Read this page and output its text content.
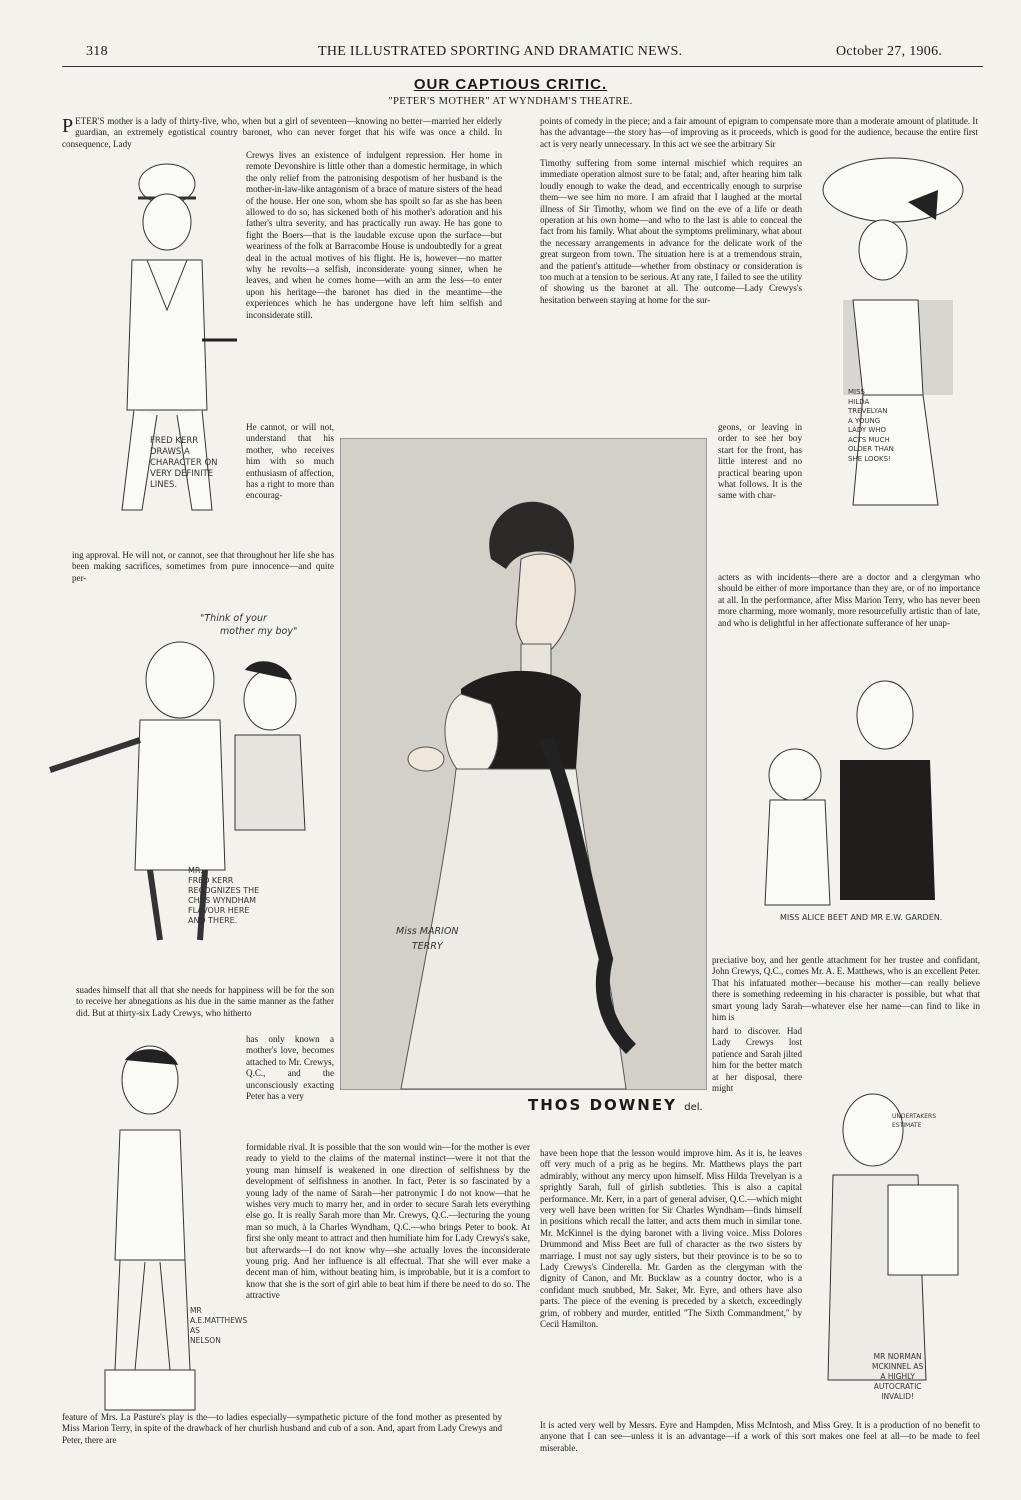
318	THE ILLUSTRATED SPORTING AND DRAMATIC NEWS.	October 27, 1906.
OUR CAPTIOUS CRITIC.
"PETER'S MOTHER" AT WYNDHAM'S THEATRE.
PETER'S mother is a lady of thirty-five, who, when but a girl of seventeen—knowing no better—married her elderly guardian, an extremely egotistical country baronet, who can never forget that his wife was once a child. In consequence, Lady
Crewys lives an existence of indulgent repression. Her home in remote Devonshire is little other than a domestic hermitage, in which the only relief from the patronising despotism of her husband is the mother-in-law-like antagonism of a brace of mature sisters of the head of the house. Her one son, whom she has spoilt so far as she has been allowed to do so, has sickened both of his mother's adoration and his father's ultra severity, and has practically run away. He has gone to fight the Boers—that is the laudable excuse upon the surface—but weariness of the folk at Barracombe House is undoubtedly for a great deal in the actual motives of his flight. He is, however—no matter why he revolts—a selfish, inconsiderate young sinner, when he leaves, and when he comes home—with an arm the less—to enter upon his heritage—the baronet has died in the meantime—the experiences which he has undergone have left him selfish and inconsiderate still.
He cannot, or will not, understand that his mother, who receives him with so much enthusiasm of affection, has a right to more than encourag-
ing approval. He will not, or cannot, see that throughout her life she has been making sacrifices, sometimes from pure innocence—and quite per-
suades himself that all that she needs for happiness will be for the son to receive her abnegations as his due in the same manner as the father did. But at thirty-six Lady Crewys, who hitherto
has only known a mother's love, becomes attached to Mr. Crewys, Q.C., and the unconsciously exacting Peter has a very
formidable rival. It is possible that the son would win—for the mother is ever ready to yield to the claims of the maternal instinct—were it not that the young man himself is weakened in one direction of selfishness by the development of selfishness in another. In fact, Peter is so fascinated by a young lady of the name of Sarah—her patronymic I do not know—that he wishes very much to marry her, and in order to secure Sarah lets everything else go. It is really Sarah more than Mr. Crewys, Q.C.—lecturing the young man so much, à la Charles Wyndham, Q.C.—who brings Peter to book. At first she only meant to attract and then humiliate him for Lady Crewys's sake, but afterwards—I do not know why—she actually loves the inconsiderate young prig. And her influence is all effectual. That she will ever make a decent man of him, without beating him, is improbable, but it is a comfort to know that she is the sort of girl able to beat him if there be need to do so. The attractive
feature of Mrs. La Pasture's play is the—to ladies especially—sympathetic picture of the fond mother as presented by Miss Marion Terry, in spite of the drawback of her churlish husband and cub of a son. And, apart from Lady Crewys and Peter, there are
points of comedy in the piece; and a fair amount of epigram to compensate more than a moderate amount of platitude. It has the advantage—the story has—of improving as it proceeds, which is good for the audience, because the entire first act is very nearly unnecessary. In this act we see the arbitrary Sir
Timothy suffering from some internal mischief which requires an immediate operation almost sure to be fatal; and, after hearing him talk loudly enough to wake the dead, and eccentrically enough to surprise them—we see him no more. I am afraid that I laughed at the mortal illness of Sir Timothy, whom we find on the eve of a life or death operation at his own home—and who to the last is able to conceal the fact from his family. What about the symptoms preliminary, what about the necessary arrangements in advance for the delicate work of the great surgeon from town. The situation here is at a tremendous strain, and the patient's attitude—whether from obstinacy or consideration is too much at a tension to be serious. At any rate, I failed to see the utility of showing us the baronet at all. The outcome—Lady Crewys's hesitation between staying at home for the sur-
geons, or leaving in order to see her boy start for the front, has little interest and no practical bearing upon what follows. It is the same with char-
acters as with incidents—there are a doctor and a clergyman who should be either of more importance than they are, or of no importance at all. In the performance, after Miss Marion Terry, who has never been more charming, more womanly, more resourcefully artistic than of late, and who is delightful in her affectionate sufferance of her unap-
preciative boy, and her gentle attachment for her trustee and confidant, John Crewys, Q.C., comes Mr. A. E. Matthews, who is an excellent Peter. That his infatuated mother—because his mother—can really believe there is something redeeming in his character is possible, but what that smart young lady Sarah—whatever else her name—can find to like in him is
hard to discover. Had Lady Crewys lost patience and Sarah jilted him for the better match at her disposal, there might
have been hope that the lesson would improve him. As it is, he leaves off very much of a prig as he begins. Mr. Matthews plays the part admirably, without any mercy upon himself. Miss Hilda Trevelyan is a sprightly Sarah, full of girlish subtleties. This is also a capital performance. Mr. Kerr, in a part of general adviser, Q.C.—which might very well have been written for Sir Charles Wyndham—finds himself in positions which recall the latter, and acts them much in similar tone. Mr. McKinnel is the dying baronet with a living voice. Miss Dolores Drummond and Miss Beet are full of character as the two sisters by marriage. I must not say ugly sisters, but their province is to be so to Lady Crewys's Cinderella. Mr. Garden as the clergyman with the dignity of Canon, and Mr. Bucklaw as a country doctor, who is a confidant much snubbed, Mr. Saker, Mr. Eyre, and others have also parts. The piece of the evening is preceded by a sketch, exceedingly grim, of robbery and murder, entitled "The Sixth Commandment," by Cecil Hamilton.
It is acted very well by Messrs. Eyre and Hampden, Miss McIntosh, and Miss Grey. It is a production of no benefit to anyone that I can see—unless it is an advantage—if a work of this sort makes one feel at all—to be made to feel miserable.
Miss MARION
TERRY
THOS DOWNEY del.
FRED KERR
DRAWS A
CHARACTER ON
VERY DEFINITE
LINES.
MISS
HILDA
TREVELYAN
A YOUNG
LADY WHO
ACTS MUCH
OLDER THAN
SHE LOOKS!
"Think of your
mother my boy"
MR.
FRED KERR
RECOGNIZES THE
CHAS WYNDHAM
FLAVOUR HERE
AND THERE.	MISS ALICE BEET AND MR E.W. GARDEN.
MR
A.E.MATTHEWS
AS
NELSON
UNDERTAKERS
ESTIMATE
MR NORMAN
MCKINNEL AS
A HIGHLY
AUTOCRATIC
INVALID!
